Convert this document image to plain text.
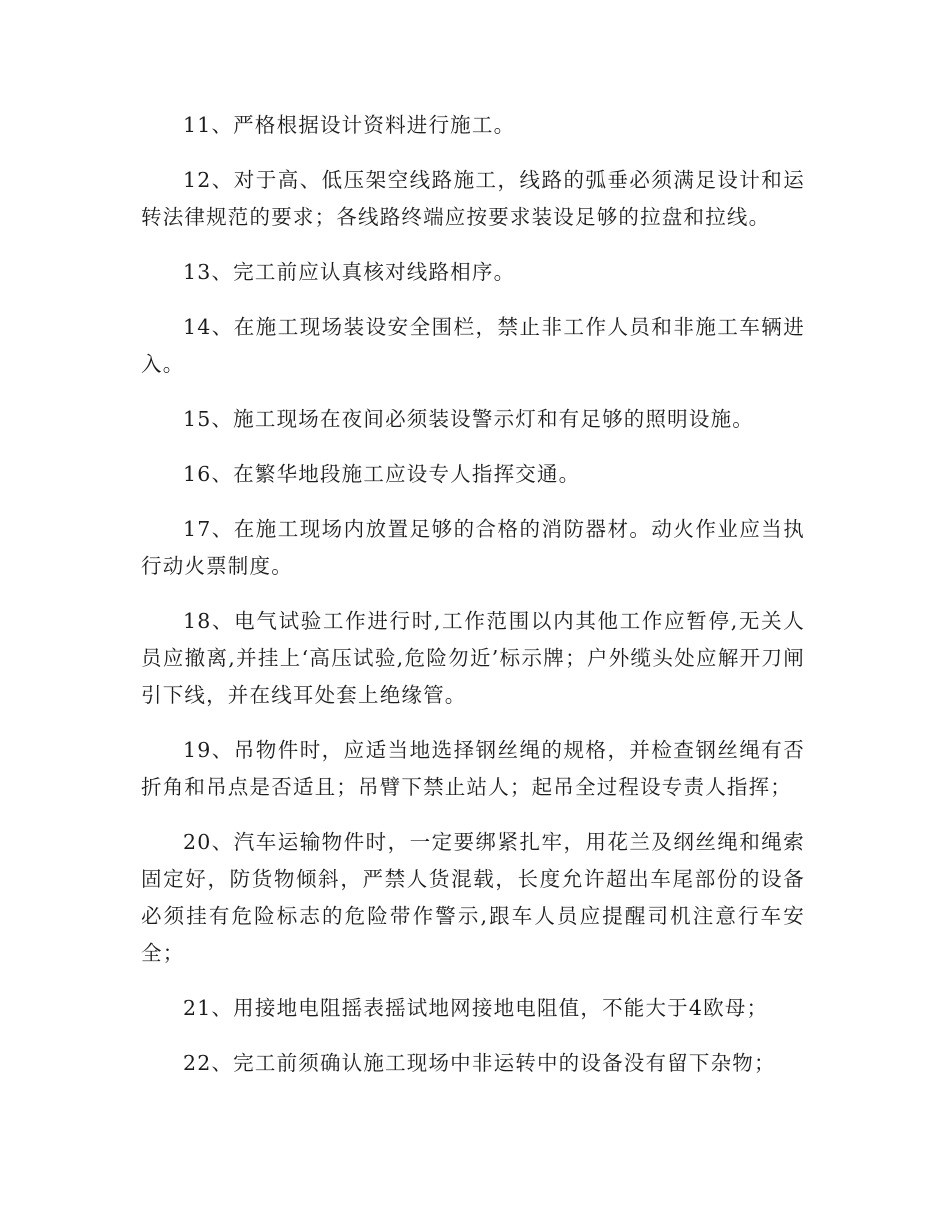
11、严格根据设计资料进行施工。

12、对于高、低压架空线路施工，线路的弧垂必须满足设计和运转法律规范的要求；各线路终端应按要求装设足够的拉盘和拉线。

13、完工前应认真核对线路相序。

14、在施工现场装设安全围栏，禁止非工作人员和非施工车辆进入。

15、施工现场在夜间必须装设警示灯和有足够的照明设施。

16、在繁华地段施工应设专人指挥交通。

17、在施工现场内放置足够的合格的消防器材。动火作业应当执行动火票制度。

18、电气试验工作进行时,工作范围以内其他工作应暂停,无关人员应撤离,并挂上‘高压试验,危险勿近’标示牌；户外缆头处应解开刀闸引下线，并在线耳处套上绝缘管。

19、吊物件时，应适当地选择钢丝绳的规格，并检查钢丝绳有否折角和吊点是否适且；吊臂下禁止站人；起吊全过程设专责人指挥；

20、汽车运输物件时，一定要绑紧扎牢，用花兰及纲丝绳和绳索固定好，防货物倾斜，严禁人货混载，长度允许超出车尾部份的设备必须挂有危险标志的危险带作警示,跟车人员应提醒司机注意行车安全；

21、用接地电阻摇表摇试地网接地电阻值，不能大于4欧母；

22、完工前须确认施工现场中非运转中的设备没有留下杂物；
